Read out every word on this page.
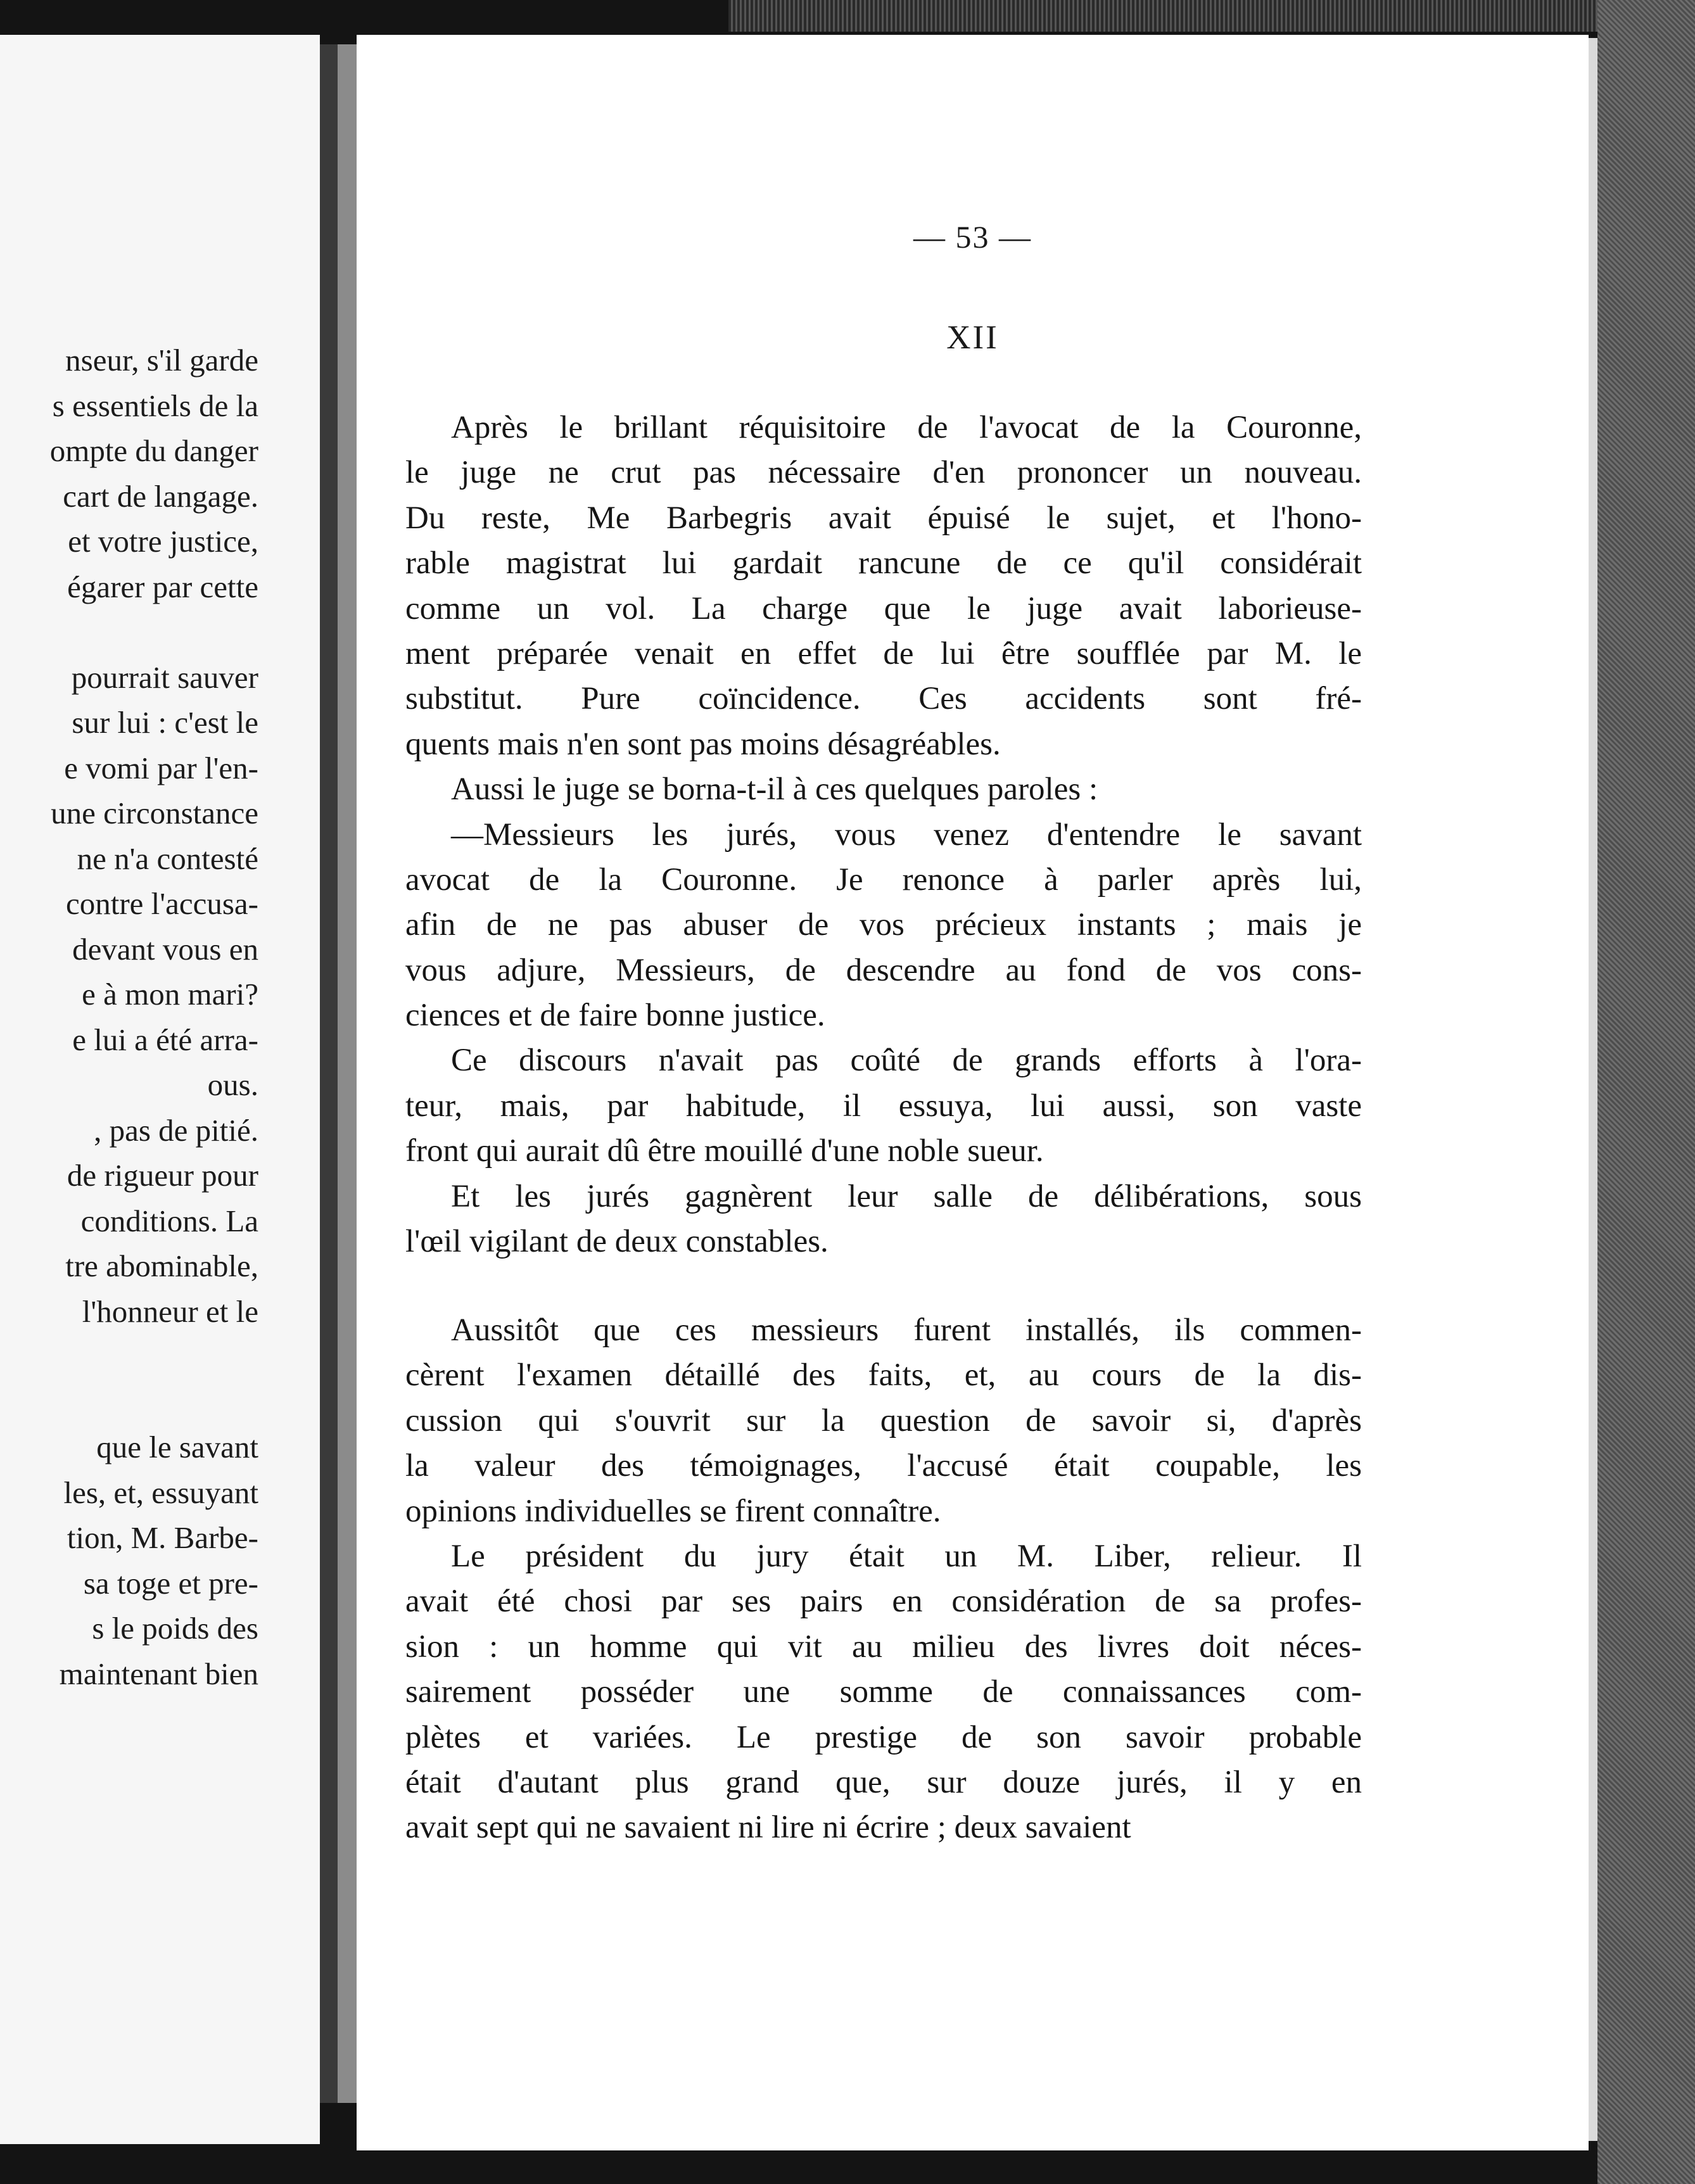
nseur, s'il garde
s essentiels de la
ompte du danger
cart de langage.
et votre justice,
égarer par cette

pourrait sauver
sur lui : c'est le
e vomi par l'en-
une circonstance
ne n'a contesté
contre l'accusa-
devant vous en
e à mon mari?
e lui a été arra-
ous.
, pas de pitié.
de rigueur pour
conditions. La
tre abominable,
l'honneur et le

que le savant
les, et, essuyant
tion, M. Barbe-
sa toge et pre-
s le poids des
maintenant bien
— 53 —
XII
Après le brillant réquisitoire de l'avocat de la Couronne,
le juge ne crut pas nécessaire d'en prononcer un nouveau.
Du reste, Me Barbegris avait épuisé le sujet, et l'hono-
rable magistrat lui gardait rancune de ce qu'il considérait
comme un vol. La charge que le juge avait laborieuse-
ment préparée venait en effet de lui être soufflée par M. le
substitut. Pure coïncidence. Ces accidents sont fré-
quents mais n'en sont pas moins désagréables.
Aussi le juge se borna-t-il à ces quelques paroles :
—Messieurs les jurés, vous venez d'entendre le savant
avocat de la Couronne. Je renonce à parler après lui,
afin de ne pas abuser de vos précieux instants ; mais je
vous adjure, Messieurs, de descendre au fond de vos cons-
ciences et de faire bonne justice.
Ce discours n'avait pas coûté de grands efforts à l'ora-
teur, mais, par habitude, il essuya, lui aussi, son vaste
front qui aurait dû être mouillé d'une noble sueur.
Et les jurés gagnèrent leur salle de délibérations, sous
l'œil vigilant de deux constables.
Aussitôt que ces messieurs furent installés, ils commen-
cèrent l'examen détaillé des faits, et, au cours de la dis-
cussion qui s'ouvrit sur la question de savoir si, d'après
la valeur des témoignages, l'accusé était coupable, les
opinions individuelles se firent connaître.
Le président du jury était un M. Liber, relieur. Il
avait été chosi par ses pairs en considération de sa profes-
sion : un homme qui vit au milieu des livres doit néces-
sairement posséder une somme de connaissances com-
plètes et variées. Le prestige de son savoir probable
était d'autant plus grand que, sur douze jurés, il y en
avait sept qui ne savaient ni lire ni écrire ; deux savaient
